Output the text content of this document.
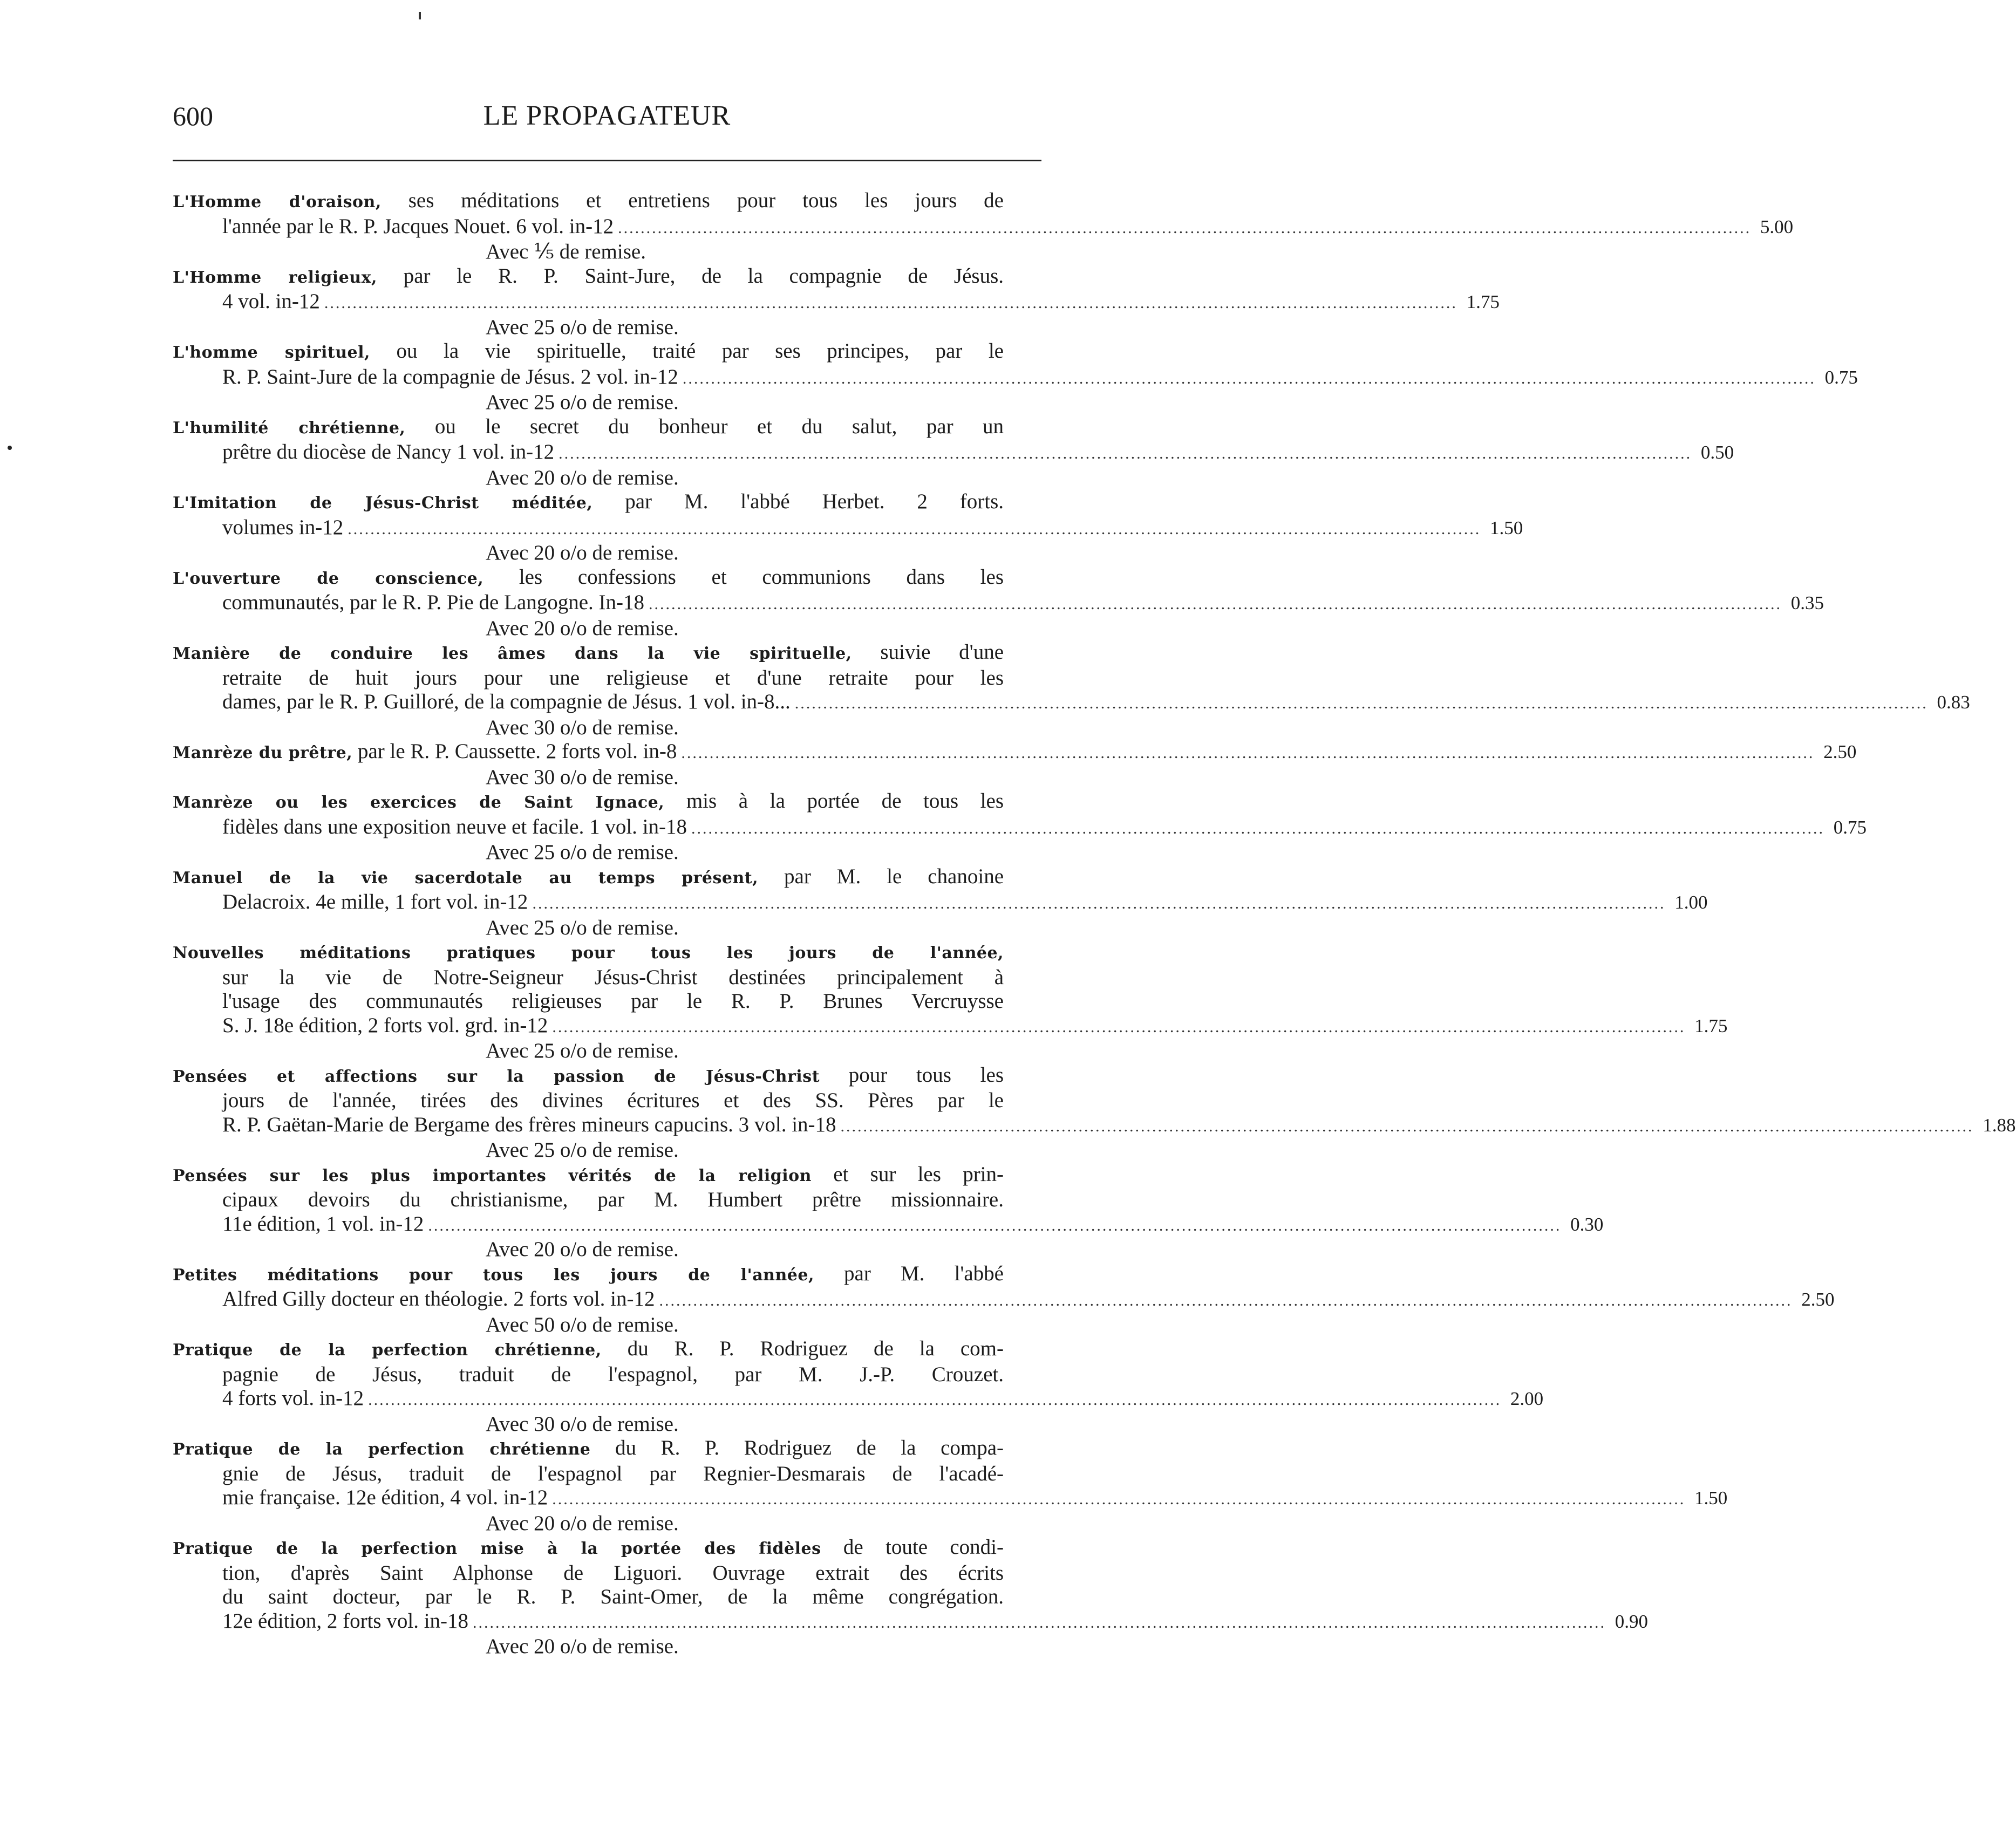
600	LE PROPAGATEUR
L'Homme d'oraison, ses méditations et entretiens pour tous les jours de
l'année par le R. P. Jacques Nouet. 6 vol. in-12 ........................................................................................................................................................................................................ 5.00
Avec ⅕ de remise.
L'Homme religieux, par le R. P. Saint-Jure, de la compagnie de Jésus.
4 vol. in-12 ........................................................................................................................................................................................................ 1.75
Avec 25 o/o de remise.
L'homme spirituel, ou la vie spirituelle, traité par ses principes, par le
R. P. Saint-Jure de la compagnie de Jésus. 2 vol. in-12 ........................................................................................................................................................................................................ 0.75
Avec 25 o/o de remise.
L'humilité chrétienne, ou le secret du bonheur et du salut, par un
prêtre du diocèse de Nancy 1 vol. in-12 ........................................................................................................................................................................................................ 0.50
Avec 20 o/o de remise.
L'Imitation de Jésus-Christ méditée, par M. l'abbé Herbet. 2 forts.
volumes in-12 ........................................................................................................................................................................................................ 1.50
Avec 20 o/o de remise.
L'ouverture de conscience, les confessions et communions dans les
communautés, par le R. P. Pie de Langogne. In-18 ........................................................................................................................................................................................................ 0.35
Avec 20 o/o de remise.
Manière de conduire les âmes dans la vie spirituelle, suivie d'une
retraite de huit jours pour une religieuse et d'une retraite pour les
dames, par le R. P. Guilloré, de la compagnie de Jésus. 1 vol. in-8... ........................................................................................................................................................................................................ 0.83
Avec 30 o/o de remise.
Manrèze du prêtre, par le R. P. Caussette. 2 forts vol. in-8 ........................................................................................................................................................................................................ 2.50
Avec 30 o/o de remise.
Manrèze ou les exercices de Saint Ignace, mis à la portée de tous les
fidèles dans une exposition neuve et facile. 1 vol. in-18 ........................................................................................................................................................................................................ 0.75
Avec 25 o/o de remise.
Manuel de la vie sacerdotale au temps présent, par M. le chanoine
Delacroix. 4e mille, 1 fort vol. in-12 ........................................................................................................................................................................................................ 1.00
Avec 25 o/o de remise.
Nouvelles méditations pratiques pour tous les jours de l'année,
sur la vie de Notre-Seigneur Jésus-Christ destinées principalement à
l'usage des communautés religieuses par le R. P. Brunes Vercruysse
S. J. 18e édition, 2 forts vol. grd. in-12 ........................................................................................................................................................................................................ 1.75
Avec 25 o/o de remise.
Pensées et affections sur la passion de Jésus-Christ pour tous les
jours de l'année, tirées des divines écritures et des SS. Pères par le
R. P. Gaëtan-Marie de Bergame des frères mineurs capucins. 3 vol. in-18 ........................................................................................................................................................................................................ 1.88
Avec 25 o/o de remise.
Pensées sur les plus importantes vérités de la religion et sur les prin-
cipaux devoirs du christianisme, par M. Humbert prêtre missionnaire.
11e édition, 1 vol. in-12 ........................................................................................................................................................................................................ 0.30
Avec 20 o/o de remise.
Petites méditations pour tous les jours de l'année, par M. l'abbé
Alfred Gilly docteur en théologie. 2 forts vol. in-12 ........................................................................................................................................................................................................ 2.50
Avec 50 o/o de remise.
Pratique de la perfection chrétienne, du R. P. Rodriguez de la com-
pagnie de Jésus, traduit de l'espagnol, par M. J.-P. Crouzet.
4 forts vol. in-12 ........................................................................................................................................................................................................ 2.00
Avec 30 o/o de remise.
Pratique de la perfection chrétienne du R. P. Rodriguez de la compa-
gnie de Jésus, traduit de l'espagnol par Regnier-Desmarais de l'acadé-
mie française. 12e édition, 4 vol. in-12 ........................................................................................................................................................................................................ 1.50
Avec 20 o/o de remise.
Pratique de la perfection mise à la portée des fidèles de toute condi-
tion, d'après Saint Alphonse de Liguori. Ouvrage extrait des écrits
du saint docteur, par le R. P. Saint-Omer, de la même congrégation.
12e édition, 2 forts vol. in-18 ........................................................................................................................................................................................................ 0.90
Avec 20 o/o de remise.
